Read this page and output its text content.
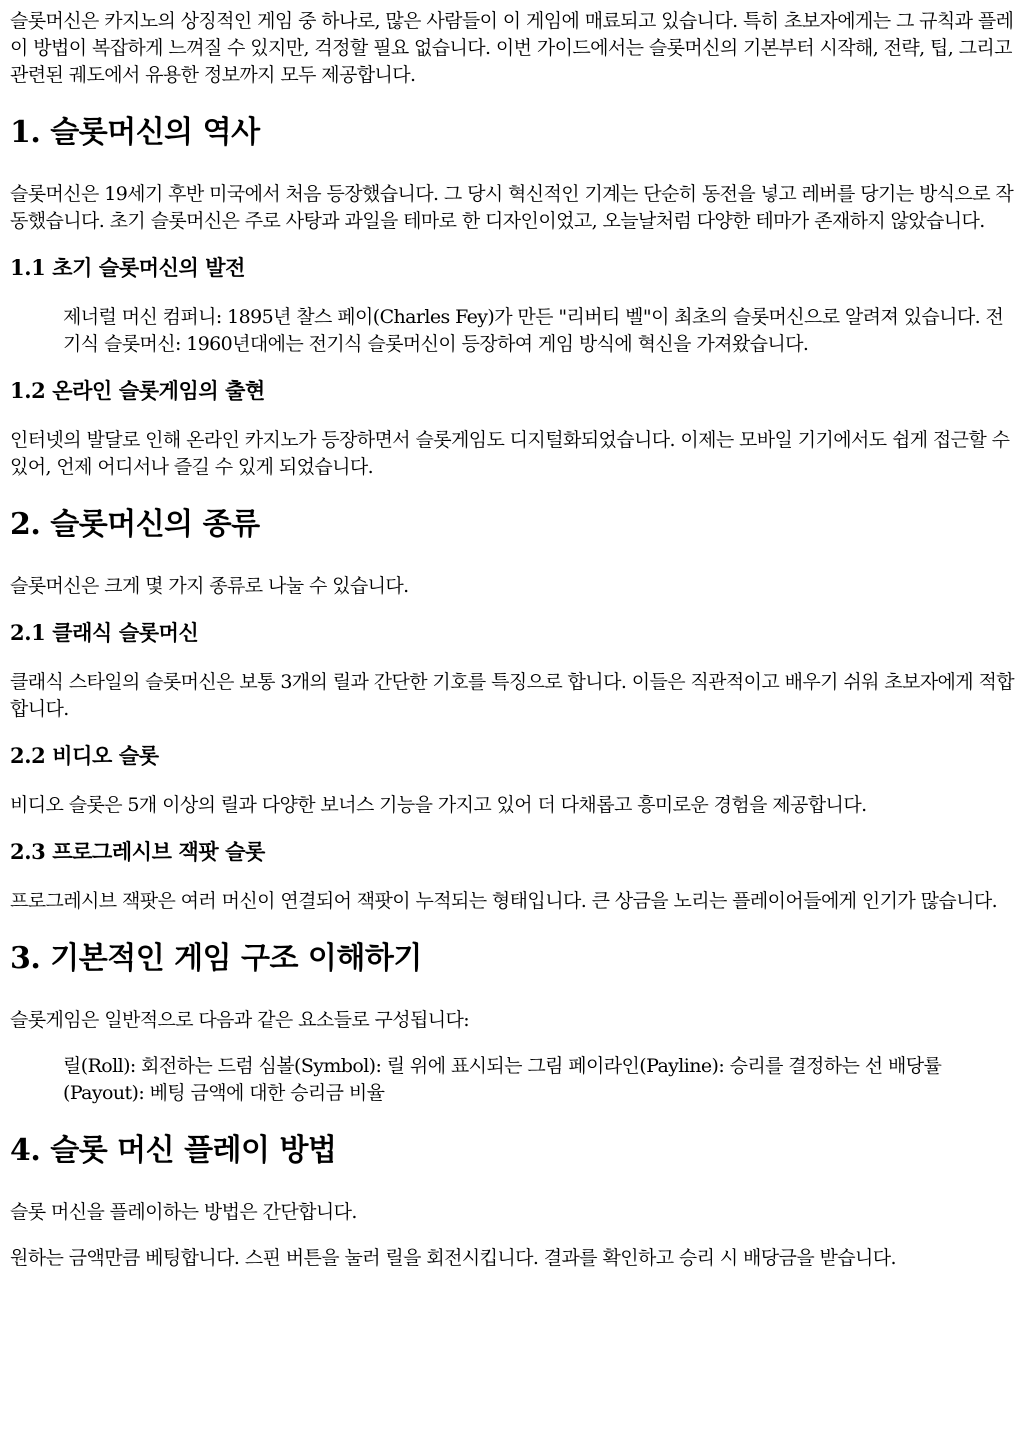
슬롯머신은 카지노의 상징적인 게임 중 하나로, 많은 사람들이 이 게임에 매료되고 있습니다. 특히 초보자에게는 그 규칙과 플레이 방법이 복잡하게 느껴질 수 있지만, 걱정할 필요 없습니다. 이번 가이드에서는 슬롯머신의 기본부터 시작해, 전략, 팁, 그리고 관련된 궤도에서 유용한 정보까지 모두 제공합니다.

1. 슬롯머신의 역사

슬롯머신은 19세기 후반 미국에서 처음 등장했습니다. 그 당시 혁신적인 기계는 단순히 동전을 넣고 레버를 당기는 방식으로 작동했습니다. 초기 슬롯머신은 주로 사탕과 과일을 테마로 한 디자인이었고, 오늘날처럼 다양한 테마가 존재하지 않았습니다.

1.1 초기 슬롯머신의 발전
제너럴 머신 컴퍼니: 1895년 찰스 페이(Charles Fey)가 만든 "리버티 벨"이 최초의 슬롯머신으로 알려져 있습니다. 전기식 슬롯머신: 1960년대에는 전기식 슬롯머신이 등장하여 게임 방식에 혁신을 가져왔습니다.
1.2 온라인 슬롯게임의 출현

인터넷의 발달로 인해 온라인 카지노가 등장하면서 슬롯게임도 디지털화되었습니다. 이제는 모바일 기기에서도 쉽게 접근할 수 있어, 언제 어디서나 즐길 수 있게 되었습니다.

2. 슬롯머신의 종류

슬롯머신은 크게 몇 가지 종류로 나눌 수 있습니다.

2.1 클래식 슬롯머신

클래식 스타일의 슬롯머신은 보통 3개의 릴과 간단한 기호를 특징으로 합니다. 이들은 직관적이고 배우기 쉬워 초보자에게 적합합니다.

2.2 비디오 슬롯

비디오 슬롯은 5개 이상의 릴과 다양한 보너스 기능을 가지고 있어 더 다채롭고 흥미로운 경험을 제공합니다.

2.3 프로그레시브 잭팟 슬롯

프로그레시브 잭팟은 여러 머신이 연결되어 잭팟이 누적되는 형태입니다. 큰 상금을 노리는 플레이어들에게 인기가 많습니다.

3. 기본적인 게임 구조 이해하기

슬롯게임은 일반적으로 다음과 같은 요소들로 구성됩니다:

릴(Roll): 회전하는 드럼 심볼(Symbol): 릴 위에 표시되는 그림 페이라인(Payline): 승리를 결정하는 선 배당률(Payout): 베팅 금액에 대한 승리금 비율
4. 슬롯 머신 플레이 방법

슬롯 머신을 플레이하는 방법은 간단합니다.

원하는 금액만큼 베팅합니다. 스핀 버튼을 눌러 릴을 회전시킵니다. 결과를 확인하고 승리 시 배당금을 받습니다.
